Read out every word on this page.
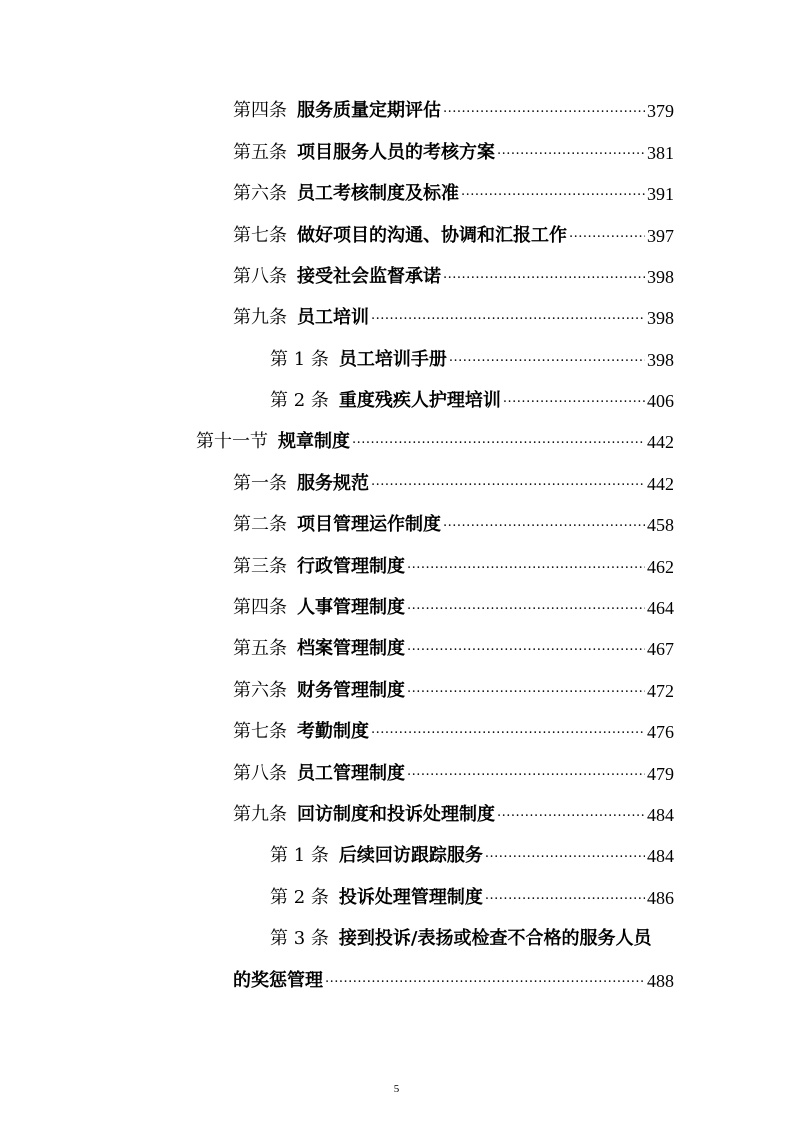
第四条 服务质量定期评估 .....	379
第五条 项目服务人员的考核方案 .....	381
第六条 员工考核制度及标准 .....	391
第七条 做好项目的沟通、协调和汇报工作 .....	397
第八条 接受社会监督承诺 .....	398
第九条 员工培训 .....	398
第 1 条 员工培训手册 .....	398
第 2 条 重度残疾人护理培训 .....	406
第十一节 规章制度 .....	442
第一条 服务规范 .....	442
第二条 项目管理运作制度 .....	458
第三条 行政管理制度 .....	462
第四条 人事管理制度 .....	464
第五条 档案管理制度 .....	467
第六条 财务管理制度 .....	472
第七条 考勤制度 .....	476
第八条 员工管理制度 .....	479
第九条 回访制度和投诉处理制度 .....	484
第 1 条 后续回访跟踪服务 .....	484
第 2 条 投诉处理管理制度 .....	486
第 3 条 接到投诉/表扬或检查不合格的服务人员
的奖惩管理 .....	488
5
